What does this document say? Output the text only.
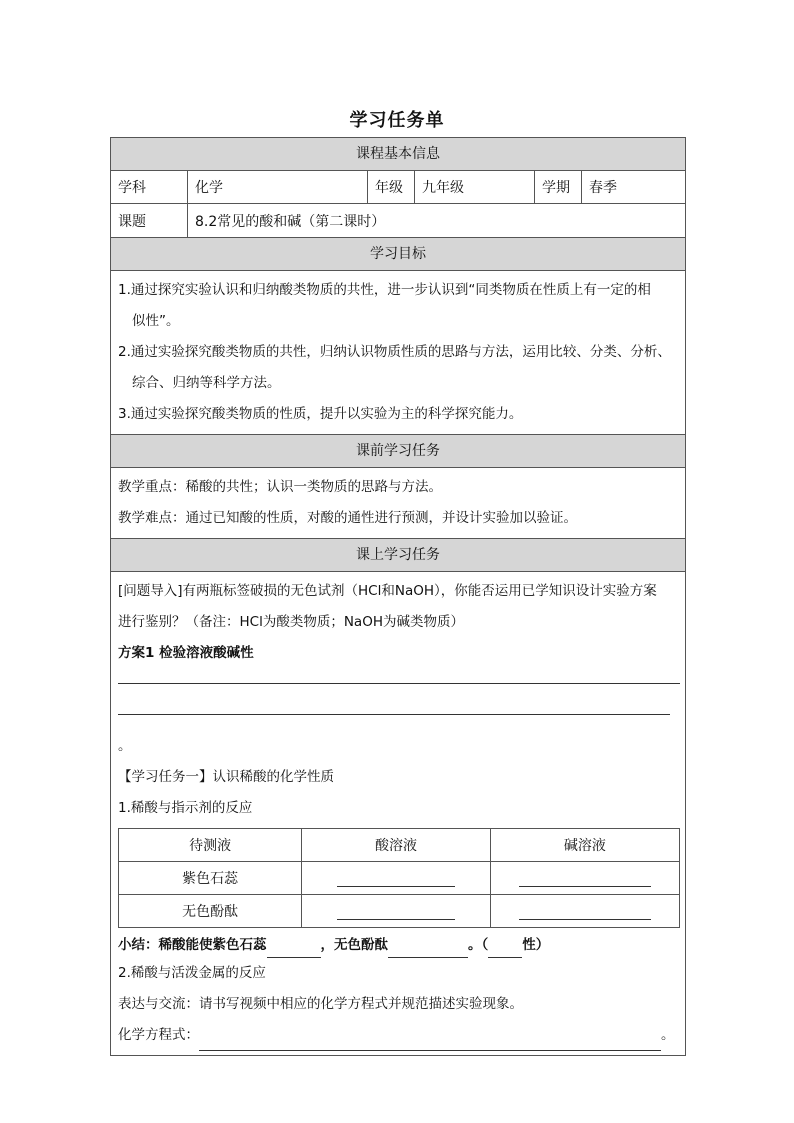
学习任务单
课程基本信息
学科	化学	年级	九年级	学期	春季
课题	8.2常见的酸和碱（第二课时）
学习目标
1.通过探究实验认识和归纳酸类物质的共性，进一步认识到“同类物质在性质上有一定的相
似性”。
2.通过实验探究酸类物质的共性，归纳认识物质性质的思路与方法，运用比较、分类、分析、
综合、归纳等科学方法。
3.通过实验探究酸类物质的性质，提升以实验为主的科学探究能力。
课前学习任务
教学重点：稀酸的共性；认识一类物质的思路与方法。
教学难点：通过已知酸的性质，对酸的通性进行预测，并设计实验加以验证。
课上学习任务
[问题导入]有两瓶标签破损的无色试剂（HCl和NaOH），你能否运用已学知识设计实验方案
进行鉴别？（备注：HCl为酸类物质；NaOH为碱类物质）
方案1 检验溶液酸碱性
。
【学习任务一】认识稀酸的化学性质
1.稀酸与指示剂的反应
待测液	酸溶液	碱溶液
紫色石蕊		
无色酚酞		
小结：稀酸能使紫色石蕊	，无色酚酞	。（	性）
2.稀酸与活泼金属的反应
表达与交流：请书写视频中相应的化学方程式并规范描述实验现象。
化学方程式：	。
